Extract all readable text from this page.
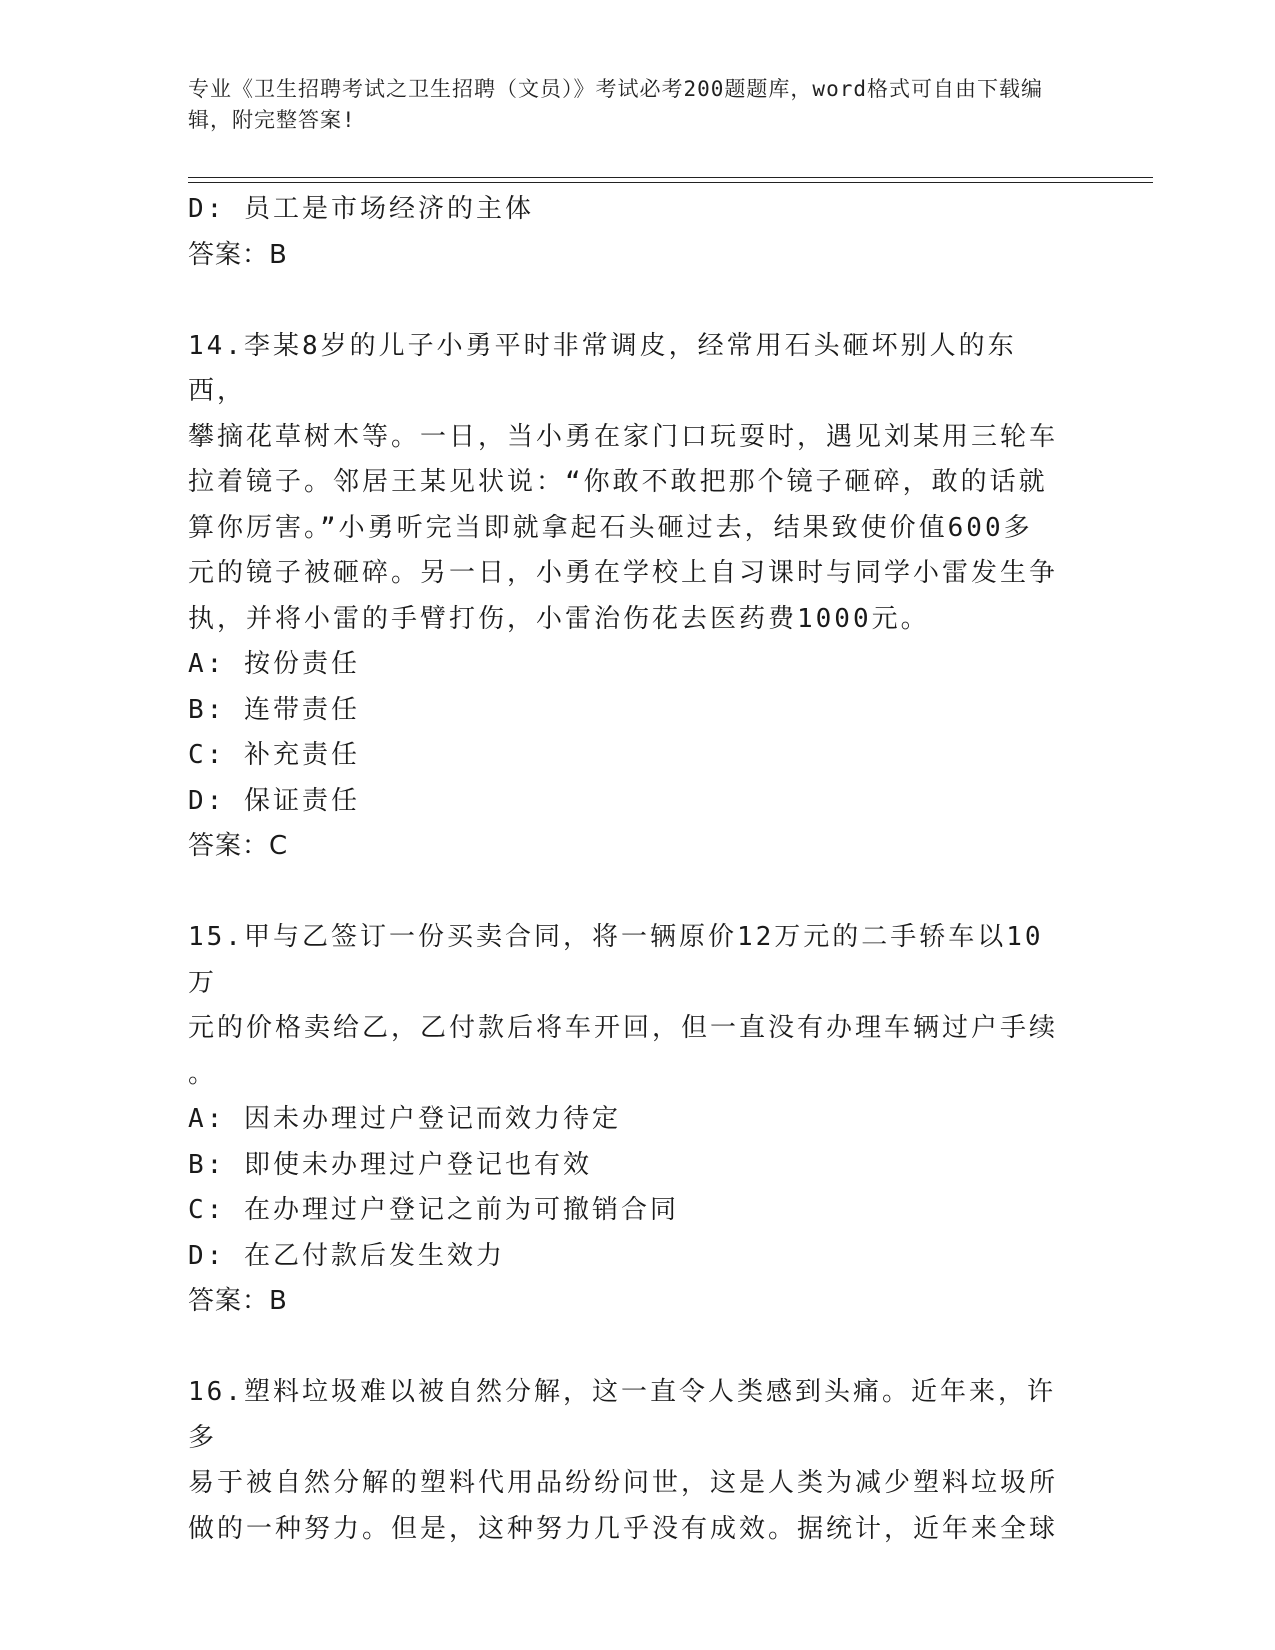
专业《卫生招聘考试之卫生招聘（文员）》考试必考200题题库，word格式可自由下载编辑，附完整答案!

D: 员工是市场经济的主体

答案：B

14.李某8岁的儿子小勇平时非常调皮，经常用石头砸坏别人的东西，

攀摘花草树木等。一日，当小勇在家门口玩耍时，遇见刘某用三轮车

拉着镜子。邻居王某见状说：“你敢不敢把那个镜子砸碎，敢的话就

算你厉害。”小勇听完当即就拿起石头砸过去，结果致使价值600多

元的镜子被砸碎。另一日，小勇在学校上自习课时与同学小雷发生争

执，并将小雷的手臂打伤，小雷治伤花去医药费1000元。

A: 按份责任

B: 连带责任

C: 补充责任

D: 保证责任

答案：C

15.甲与乙签订一份买卖合同，将一辆原价12万元的二手轿车以10万

元的价格卖给乙，乙付款后将车开回，但一直没有办理车辆过户手续

。

A: 因未办理过户登记而效力待定

B: 即使未办理过户登记也有效

C: 在办理过户登记之前为可撤销合同

D: 在乙付款后发生效力

答案：B

16.塑料垃圾难以被自然分解，这一直令人类感到头痛。近年来，许多

易于被自然分解的塑料代用品纷纷问世，这是人类为减少塑料垃圾所

做的一种努力。但是，这种努力几乎没有成效。据统计，近年来全球
